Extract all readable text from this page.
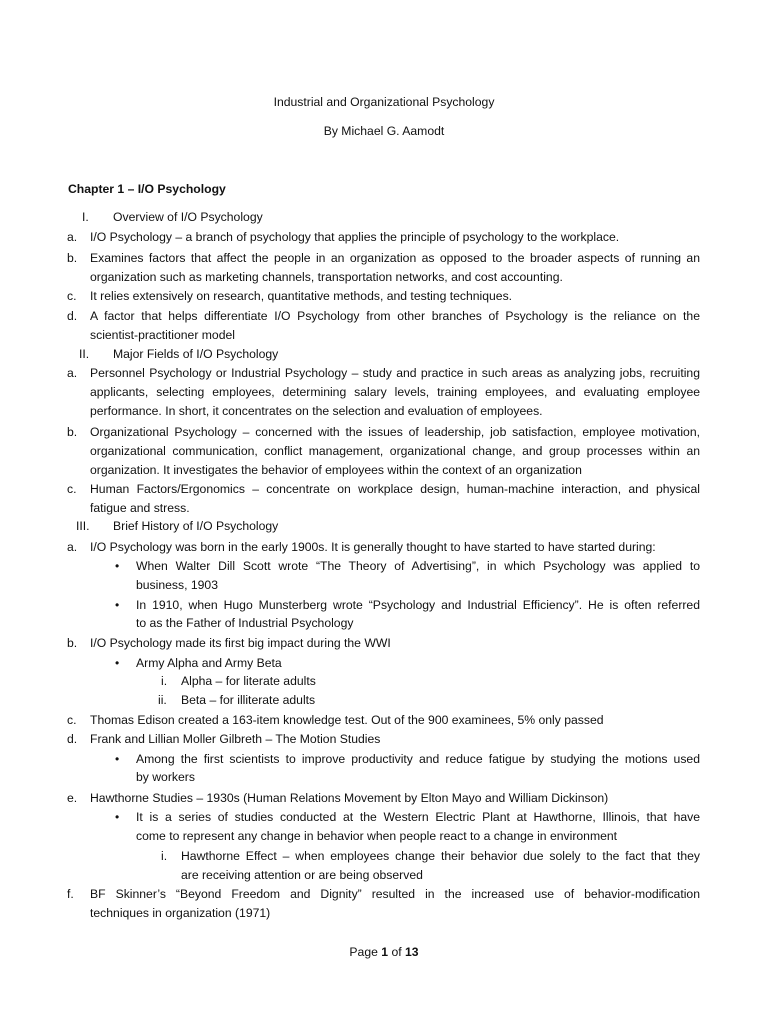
Industrial and Organizational Psychology
By Michael G. Aamodt
Chapter 1 – I/O Psychology
I. Overview of I/O Psychology
a. I/O Psychology – a branch of psychology that applies the principle of psychology to the workplace.
b. Examines factors that affect the people in an organization as opposed to the broader aspects of running an
organization such as marketing channels, transportation networks, and cost accounting.
c. It relies extensively on research, quantitative methods, and testing techniques.
d. A factor that helps differentiate I/O Psychology from other branches of Psychology is the reliance on the
scientist-practitioner model
II. Major Fields of I/O Psychology
a. Personnel Psychology or Industrial Psychology – study and practice in such areas as analyzing jobs, recruiting
applicants, selecting employees, determining salary levels, training employees, and evaluating employee
performance. In short, it concentrates on the selection and evaluation of employees.
b. Organizational Psychology – concerned with the issues of leadership, job satisfaction, employee motivation,
organizational communication, conflict management, organizational change, and group processes within an
organization. It investigates the behavior of employees within the context of an organization
c. Human Factors/Ergonomics – concentrate on workplace design, human-machine interaction, and physical
fatigue and stress.
III. Brief History of I/O Psychology
a. I/O Psychology was born in the early 1900s. It is generally thought to have started to have started during:
• When Walter Dill Scott wrote “The Theory of Advertising”, in which Psychology was applied to
business, 1903
• In 1910, when Hugo Munsterberg wrote “Psychology and Industrial Efficiency”. He is often referred
to as the Father of Industrial Psychology
b. I/O Psychology made its first big impact during the WWI
• Army Alpha and Army Beta
i. Alpha – for literate adults
ii. Beta – for illiterate adults
c. Thomas Edison created a 163-item knowledge test. Out of the 900 examinees, 5% only passed
d. Frank and Lillian Moller Gilbreth – The Motion Studies
• Among the first scientists to improve productivity and reduce fatigue by studying the motions used
by workers
e. Hawthorne Studies – 1930s (Human Relations Movement by Elton Mayo and William Dickinson)
• It is a series of studies conducted at the Western Electric Plant at Hawthorne, Illinois, that have
come to represent any change in behavior when people react to a change in environment
i. Hawthorne Effect – when employees change their behavior due solely to the fact that they
are receiving attention or are being observed
f. BF Skinner’s “Beyond Freedom and Dignity” resulted in the increased use of behavior-modification
techniques in organization (1971)
Page 1 of 13
